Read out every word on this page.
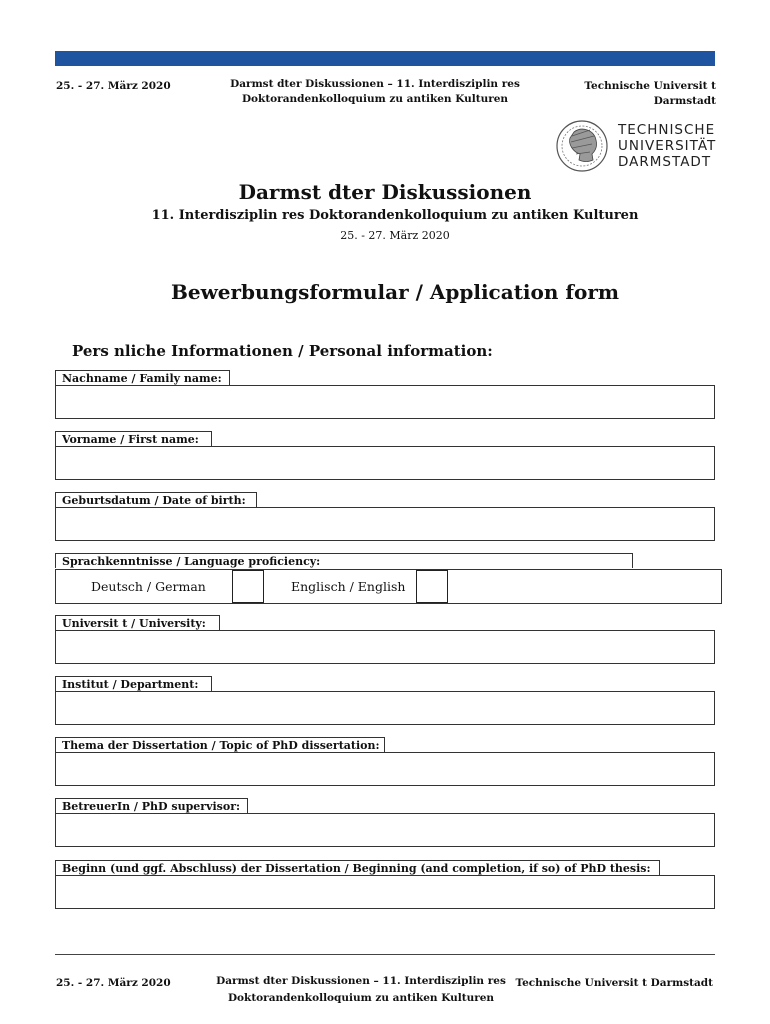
25. - 27. März 2020	Darmst dter Diskussionen – 11. Interdisziplin res
Doktorandenkolloquium zu antiken Kulturen
Technische Universit t Darmstadt
TECHNISCHE
UNIVERSITÄT
DARMSTADT
Darmst dter Diskussionen
11. Interdisziplin res Doktorandenkolloquium zu antiken Kulturen
25. - 27. März 2020
Bewerbungsformular / Application form
Pers nliche Informationen / Personal information:
Nachname / Family name:
Vorname / First name:
Geburtsdatum / Date of birth:
Sprachkenntnisse / Language proficiency:
Deutsch / German	Englisch / English
Universit t / University:
Institut / Department:
Thema der Dissertation / Topic of PhD dissertation:
BetreuerIn / PhD supervisor:
Beginn (und ggf. Abschluss) der Dissertation / Beginning (and completion, if so) of PhD thesis:
25. - 27. März 2020	Darmst dter Diskussionen – 11. Interdisziplin res
Doktorandenkolloquium zu antiken Kulturen
Technische Universit t Darmstadt
